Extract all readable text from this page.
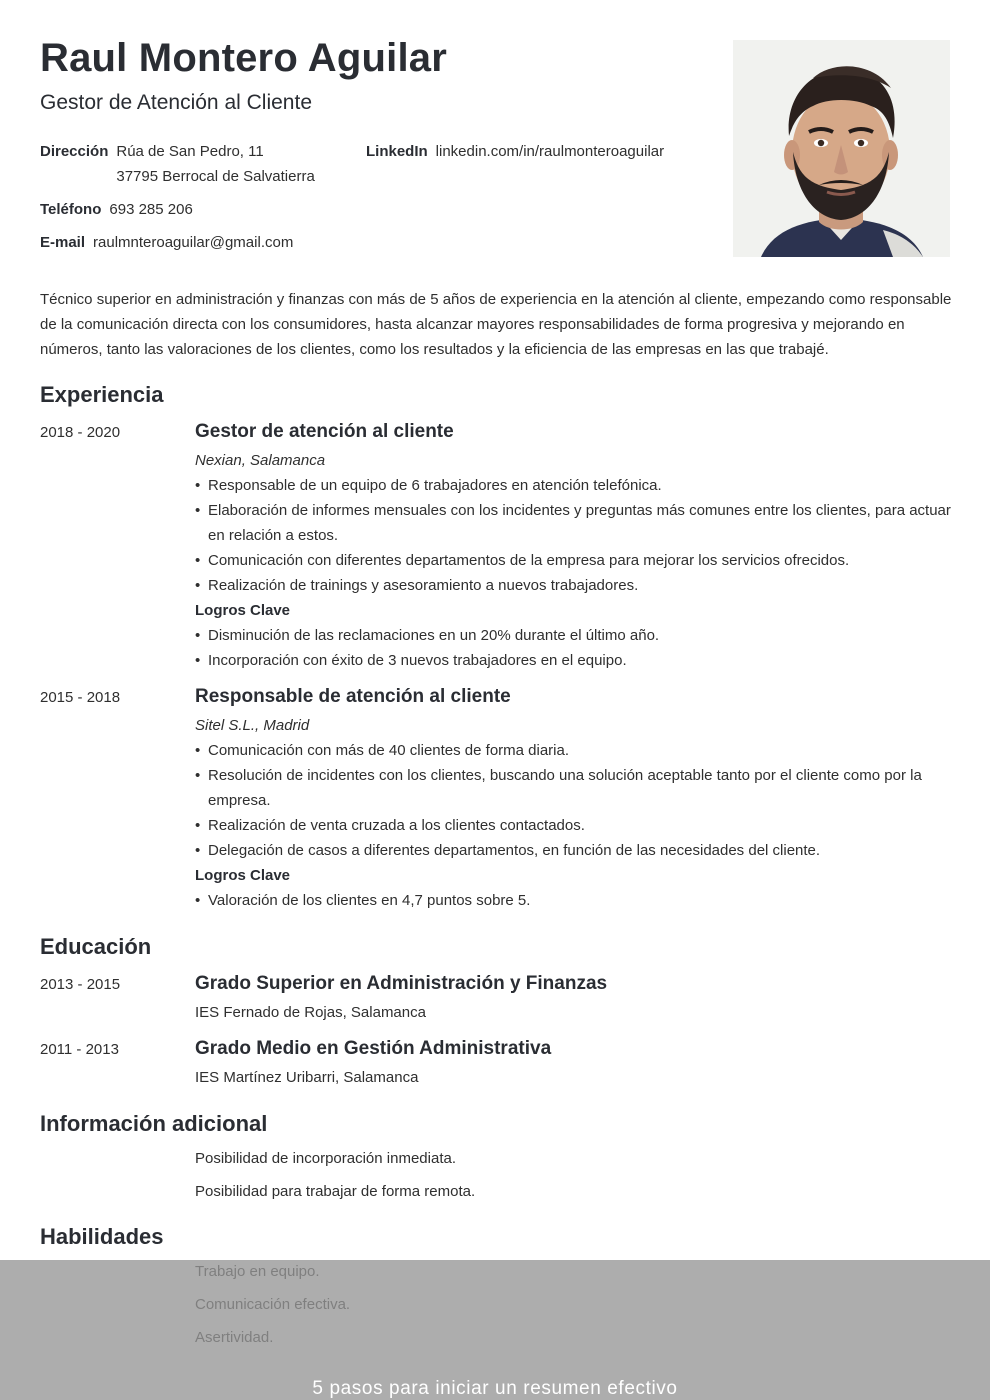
Raul Montero Aguilar
Gestor de Atención al Cliente
Dirección Rúa de San Pedro, 11
37795 Berrocal de Salvatierra
LinkedIn linkedin.com/in/raulmonteroaguilar
Teléfono 693 285 206
E-mail raulmnteroaguilar@gmail.com

Técnico superior en administración y finanzas con más de 5 años de experiencia en la atención al cliente, empezando como responsable de la comunicación directa con los consumidores, hasta alcanzar mayores responsabilidades de forma progresiva y mejorando en números, tanto las valoraciones de los clientes, como los resultados y la eficiencia de las empresas en las que trabajé.

Experiencia
2018 - 2020	Gestor de atención al cliente
Nexian, Salamanca
• Responsable de un equipo de 6 trabajadores en atención telefónica.
• Elaboración de informes mensuales con los incidentes y preguntas más comunes entre los clientes, para actuar en relación a estos.
• Comunicación con diferentes departamentos de la empresa para mejorar los servicios ofrecidos.
• Realización de trainings y asesoramiento a nuevos trabajadores.
Logros Clave
• Disminución de las reclamaciones en un 20% durante el último año.
• Incorporación con éxito de 3 nuevos trabajadores en el equipo.
2015 - 2018	Responsable de atención al cliente
Sitel S.L., Madrid
• Comunicación con más de 40 clientes de forma diaria.
• Resolución de incidentes con los clientes, buscando una solución aceptable tanto por el cliente como por la empresa.
• Realización de venta cruzada a los clientes contactados.
• Delegación de casos a diferentes departamentos, en función de las necesidades del cliente.
Logros Clave
• Valoración de los clientes en 4,7 puntos sobre 5.
Educación
2013 - 2015	Grado Superior en Administración y Finanzas
IES Fernado de Rojas, Salamanca
2011 - 2013	Grado Medio en Gestión Administrativa
IES Martínez Uribarri, Salamanca
Información adicional
Posibilidad de incorporación inmediata.
Posibilidad para trabajar de forma remota.
Habilidades
5 pasos para iniciar un resumen efectivo
